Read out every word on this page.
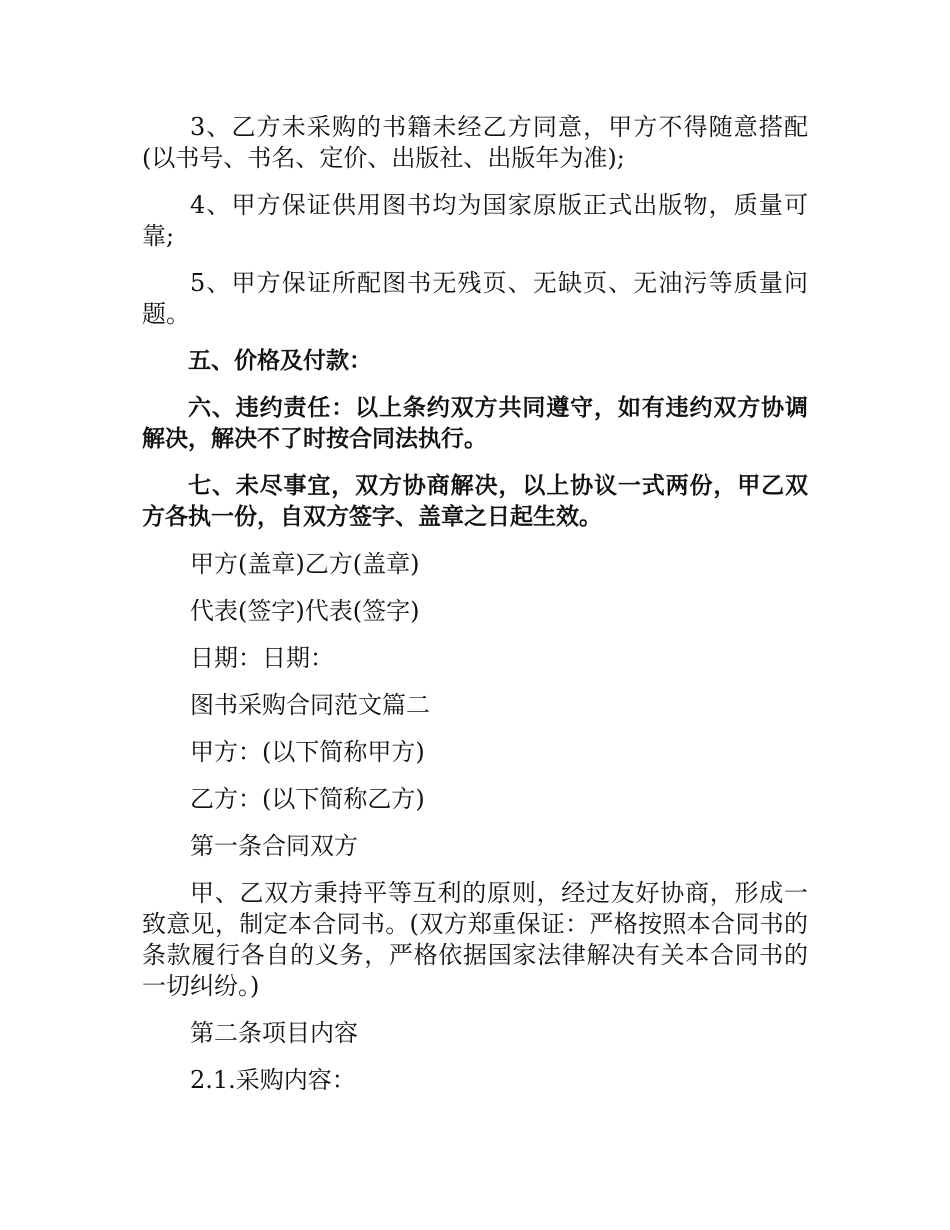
3、乙方未采购的书籍未经乙方同意，甲方不得随意搭配(以书号、书名、定价、出版社、出版年为准);

4、甲方保证供用图书均为国家原版正式出版物，质量可靠;

5、甲方保证所配图书无残页、无缺页、无油污等质量问题。

五、价格及付款：

六、违约责任：以上条约双方共同遵守，如有违约双方协调解决，解决不了时按合同法执行。

七、未尽事宜，双方协商解决，以上协议一式两份，甲乙双方各执一份，自双方签字、盖章之日起生效。

甲方(盖章)乙方(盖章)

代表(签字)代表(签字)

日期：日期：

图书采购合同范文篇二

甲方：(以下简称甲方)

乙方：(以下简称乙方)

第一条合同双方

甲、乙双方秉持平等互利的原则，经过友好协商，形成一致意见，制定本合同书。(双方郑重保证：严格按照本合同书的条款履行各自的义务，严格依据国家法律解决有关本合同书的一切纠纷。)

第二条项目内容

2.1.采购内容：
